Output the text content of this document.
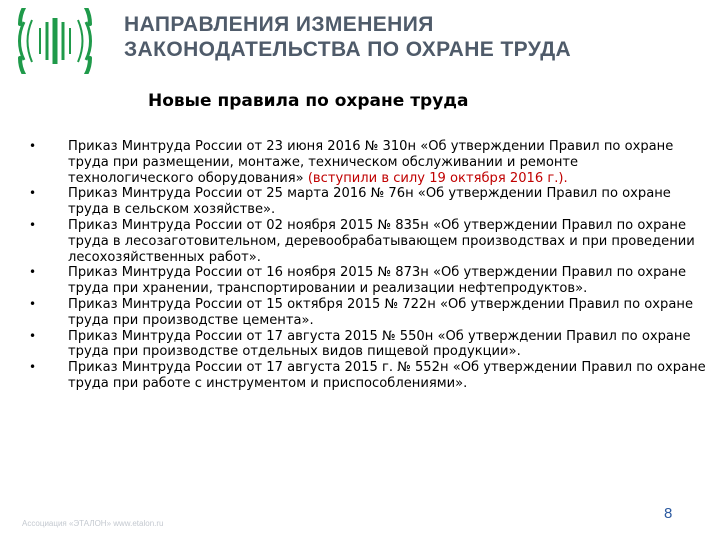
НАПРАВЛЕНИЯ ИЗМЕНЕНИЯ
ЗАКОНОДАТЕЛЬСТВА ПО ОХРАНЕ ТРУДА
Новые правила по охране труда
• Приказ Минтруда России от 23 июня 2016 № 310н «Об утверждении Правил по охране труда при размещении, монтаже, техническом обслуживании и ремонте технологического оборудования» (вступили в силу 19 октября 2016 г.).
• Приказ Минтруда России от 25 марта 2016 № 76н «Об утверждении Правил по охране труда в сельском хозяйстве».
• Приказ Минтруда России от 02 ноября 2015 № 835н «Об утверждении Правил по охране труда в лесозаготовительном, деревообрабатывающем производствах и при проведении лесохозяйственных работ».
• Приказ Минтруда России от 16 ноября 2015 № 873н «Об утверждении Правил по охране труда при хранении, транспортировании и реализации нефтепродуктов».
• Приказ Минтруда России от 15 октября 2015 № 722н «Об утверждении Правил по охране труда при производстве цемента».
• Приказ Минтруда России от 17 августа 2015 № 550н «Об утверждении Правил по охране труда при производстве отдельных видов пищевой продукции».
• Приказ Минтруда России от 17 августа 2015 г. № 552н «Об утверждении Правил по охране труда при работе с инструментом и приспособлениями».
Ассоциация «ЭТАЛОН» www.etalon.ru
8
